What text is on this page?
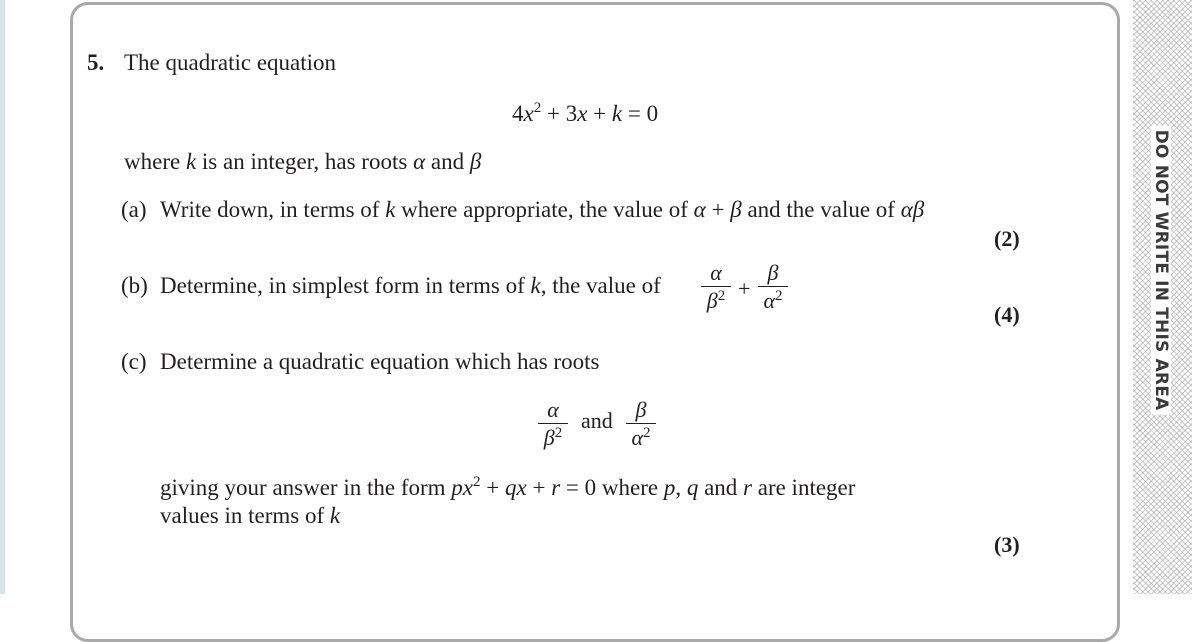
DO NOT WRITE IN THIS AREA
5. The quadratic equation
$4x^2 + 3x + k = 0$
where k is an integer, has roots α and β
(a) Write down, in terms of k where appropriate, the value of α + β and the value of αβ
(2)
(b) Determine, in simplest form in terms of k, the value of
α
$\beta^2$ +
β
$\alpha^2$
(4)
(c) Determine a quadratic equation which has roots
α
$\beta^2$ and	β
$\alpha^2$
giving your answer in the form $px^2$ + qx + r = 0 where p, q and r are integer
values in terms of k
(3)
